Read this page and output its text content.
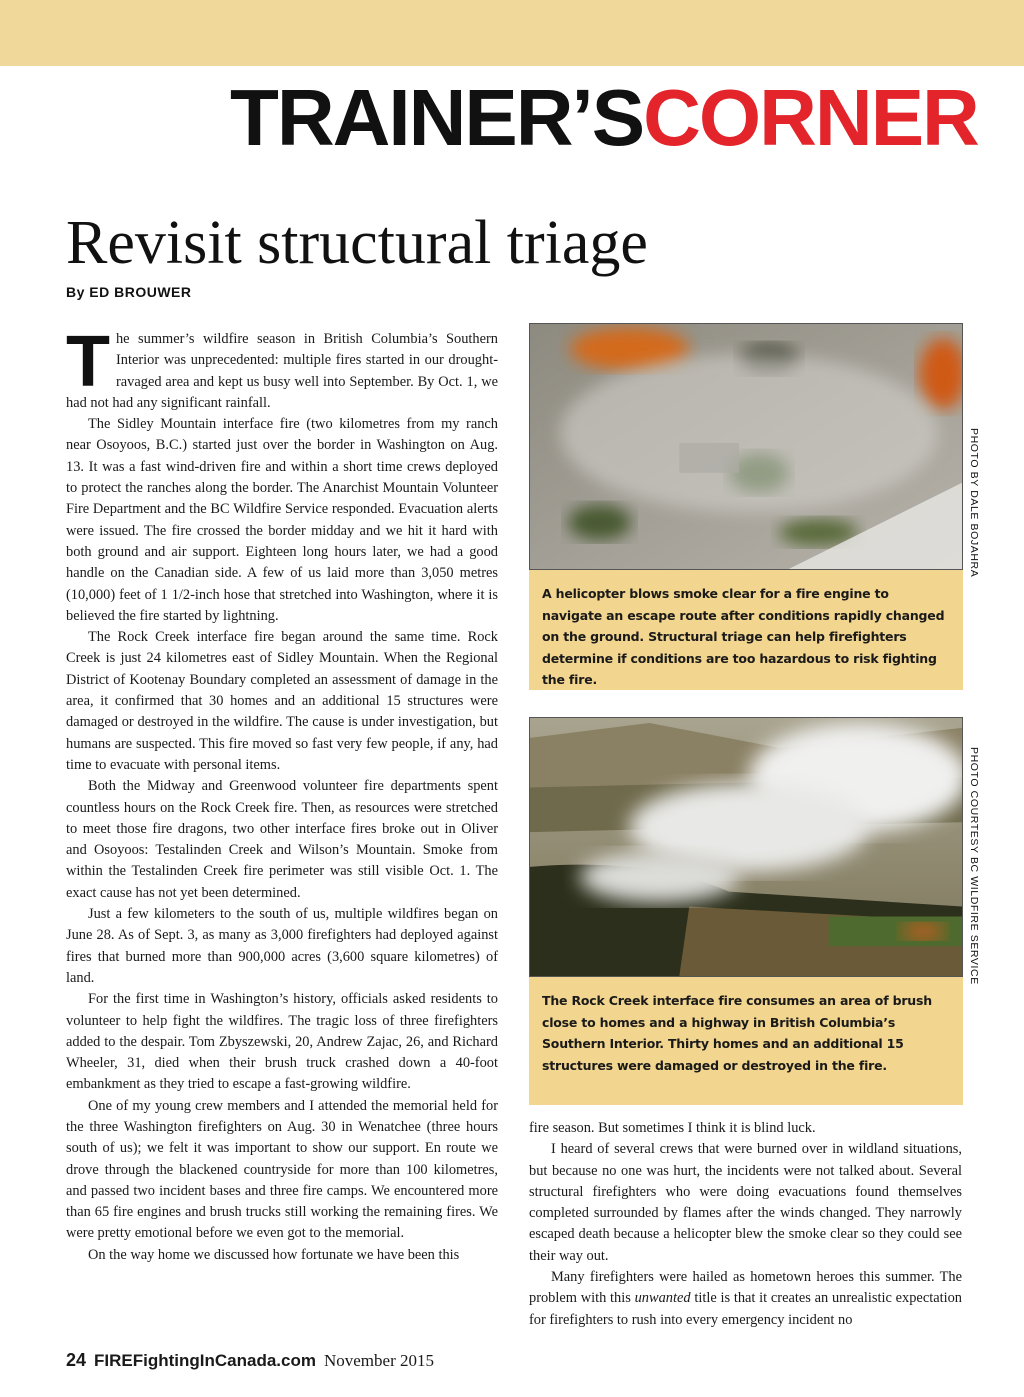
TRAINER’SCORNER
Revisit structural triage
By ED BROUWER

The summer’s wildfire season in British Columbia’s Southern Interior was unprecedented: multiple fires started in our drought-ravaged area and kept us busy well into September. By Oct. 1, we had not had any significant rainfall.

The Sidley Mountain interface fire (two kilometres from my ranch near Osoyoos, B.C.) started just over the border in Washington on Aug. 13. It was a fast wind-driven fire and within a short time crews deployed to protect the ranches along the border. The Anarchist Mountain Volunteer Fire Department and the BC Wildfire Service responded. Evacuation alerts were issued. The fire crossed the border midday and we hit it hard with both ground and air support. Eighteen long hours later, we had a good handle on the Canadian side. A few of us laid more than 3,050 metres (10,000) feet of 1 1/2-inch hose that stretched into Washington, where it is believed the fire started by lightning.

The Rock Creek interface fire began around the same time. Rock Creek is just 24 kilometres east of Sidley Mountain. When the Regional District of Kootenay Boundary completed an assessment of damage in the area, it confirmed that 30 homes and an additional 15 structures were damaged or destroyed in the wildfire. The cause is under investigation, but humans are suspected. This fire moved so fast very few people, if any, had time to evacuate with personal items.

Both the Midway and Greenwood volunteer fire departments spent countless hours on the Rock Creek fire. Then, as resources were stretched to meet those fire dragons, two other interface fires broke out in Oliver and Osoyoos: Testalinden Creek and Wilson’s Mountain. Smoke from within the Testalinden Creek fire perimeter was still visible Oct. 1. The exact cause has not yet been determined.

Just a few kilometers to the south of us, multiple wildfires began on June 28. As of Sept. 3, as many as 3,000 firefighters had deployed against fires that burned more than 900,000 acres (3,600 square kilometres) of land.

For the first time in Washington’s history, officials asked residents to volunteer to help fight the wildfires. The tragic loss of three firefighters added to the despair. Tom Zbyszewski, 20, Andrew Zajac, 26, and Richard Wheeler, 31, died when their brush truck crashed down a 40-foot embankment as they tried to escape a fast-growing wildfire.

One of my young crew members and I attended the memorial held for the three Washington firefighters on Aug. 30 in Wenatchee (three hours south of us); we felt it was important to show our support. En route we drove through the blackened countryside for more than 100 kilometres, and passed two incident bases and three fire camps. We encountered more than 65 fire engines and brush trucks still working the remaining fires. We were pretty emotional before we even got to the memorial.

On the way home we discussed how fortunate we have been this

A helicopter blows smoke clear for a fire engine to navigate an escape route after conditions rapidly changed on the ground. Structural triage can help firefighters determine if conditions are too hazardous to risk fighting the fire.
PHOTO BY DALE BOJAHRA
The Rock Creek interface fire consumes an area of brush close to homes and a highway in British Columbia’s Southern Interior. Thirty homes and an additional 15 structures were damaged or destroyed in the fire.
PHOTO COURTESY BC WILDFIRE SERVICE

fire season. But sometimes I think it is blind luck.

I heard of several crews that were burned over in wildland situations, but because no one was hurt, the incidents were not talked about. Several structural firefighters who were doing evacuations found themselves completed surrounded by flames after the winds changed. They narrowly escaped death because a helicopter blew the smoke clear so they could see their way out.

Many firefighters were hailed as hometown heroes this summer. The problem with this unwanted title is that it creates an unrealistic expectation for firefighters to rush into every emergency incident no

24 FIREFightingInCanada.com November 2015
